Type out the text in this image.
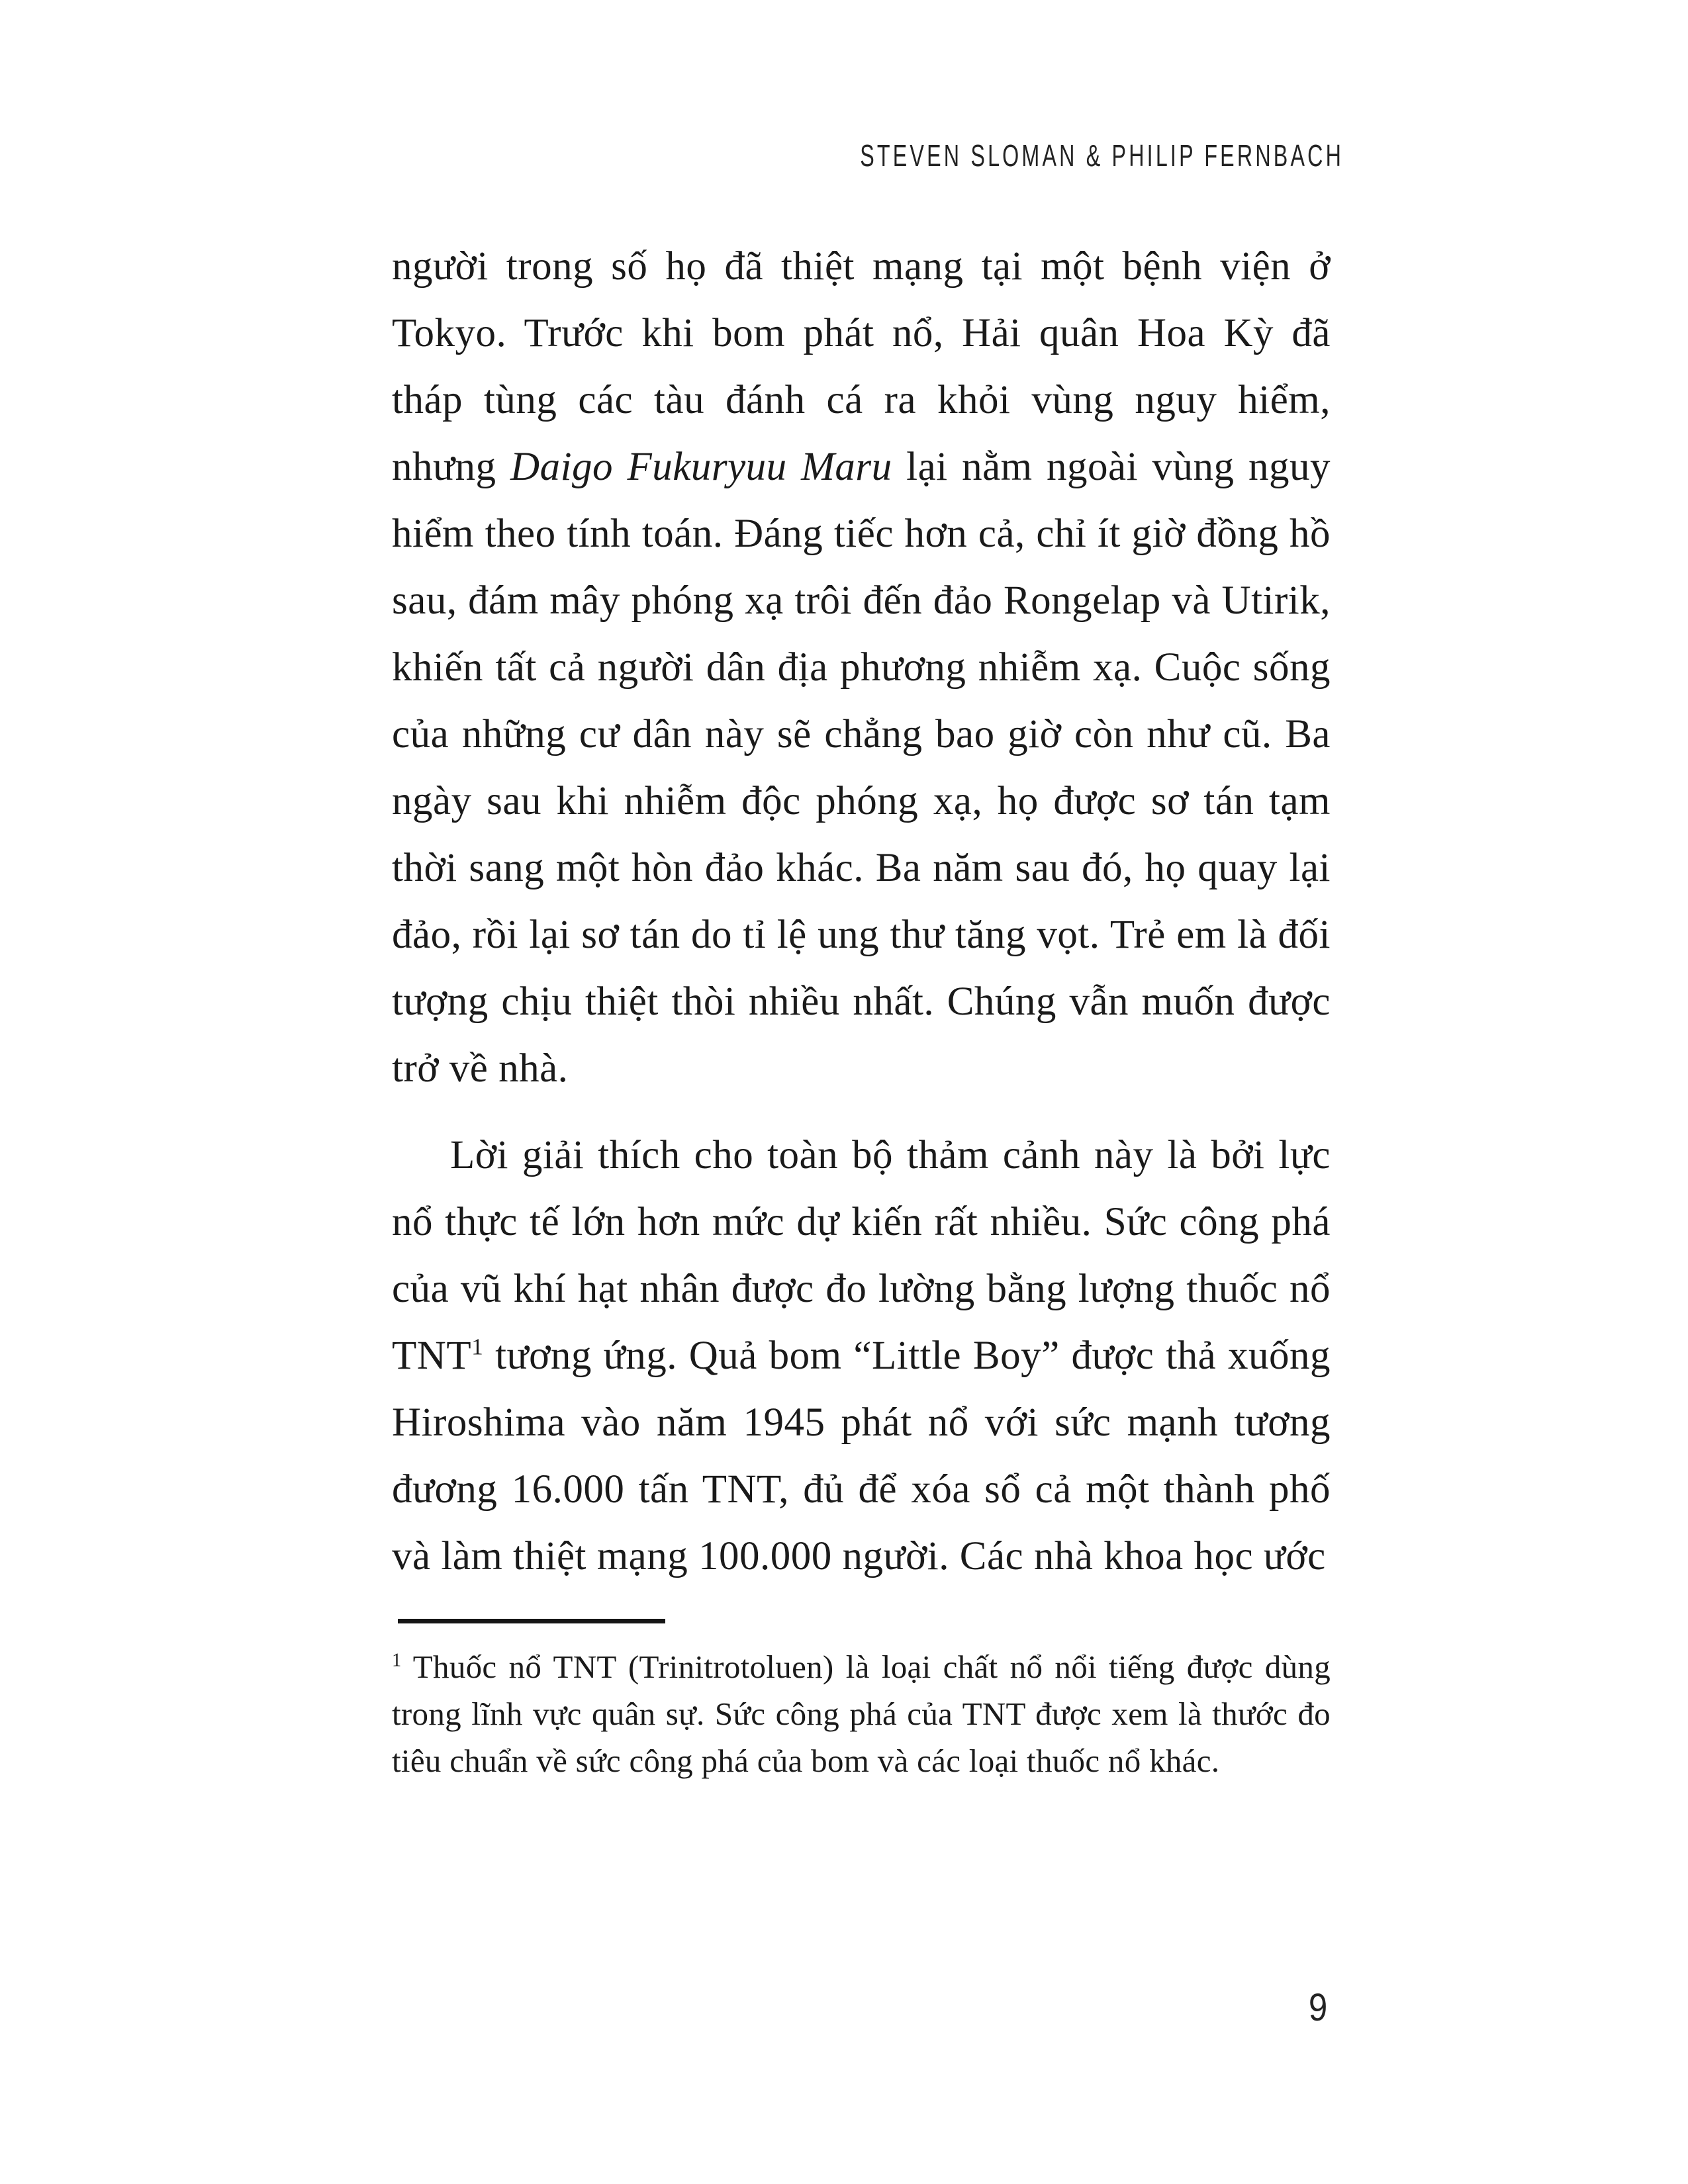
STEVEN SLOMAN & PHILIP FERNBACH
người trong số họ đã thiệt mạng tại một bệnh viện ở Tokyo. Trước khi bom phát nổ, Hải quân Hoa Kỳ đã tháp tùng các tàu đánh cá ra khỏi vùng nguy hiểm, nhưng Daigo Fukuryuu Maru lại nằm ngoài vùng nguy hiểm theo tính toán. Đáng tiếc hơn cả, chỉ ít giờ đồng hồ sau, đám mây phóng xạ trôi đến đảo Rongelap và Utirik, khiến tất cả người dân địa phương nhiễm xạ. Cuộc sống của những cư dân này sẽ chẳng bao giờ còn như cũ. Ba ngày sau khi nhiễm độc phóng xạ, họ được sơ tán tạm thời sang một hòn đảo khác. Ba năm sau đó, họ quay lại đảo, rồi lại sơ tán do tỉ lệ ung thư tăng vọt. Trẻ em là đối tượng chịu thiệt thòi nhiều nhất. Chúng vẫn muốn được trở về nhà.
Lời giải thích cho toàn bộ thảm cảnh này là bởi lực nổ thực tế lớn hơn mức dự kiến rất nhiều. Sức công phá của vũ khí hạt nhân được đo lường bằng lượng thuốc nổ TNT$^1$ tương ứng. Quả bom “Little Boy” được thả xuống Hiroshima vào năm 1945 phát nổ với sức mạnh tương đương 16.000 tấn TNT, đủ để xóa sổ cả một thành phố và làm thiệt mạng 100.000 người. Các nhà khoa học ước
$^1$ Thuốc nổ TNT (Trinitrotoluen) là loại chất nổ nổi tiếng được dùng trong lĩnh vực quân sự. Sức công phá của TNT được xem là thước đo tiêu chuẩn về sức công phá của bom và các loại thuốc nổ khác.
9
